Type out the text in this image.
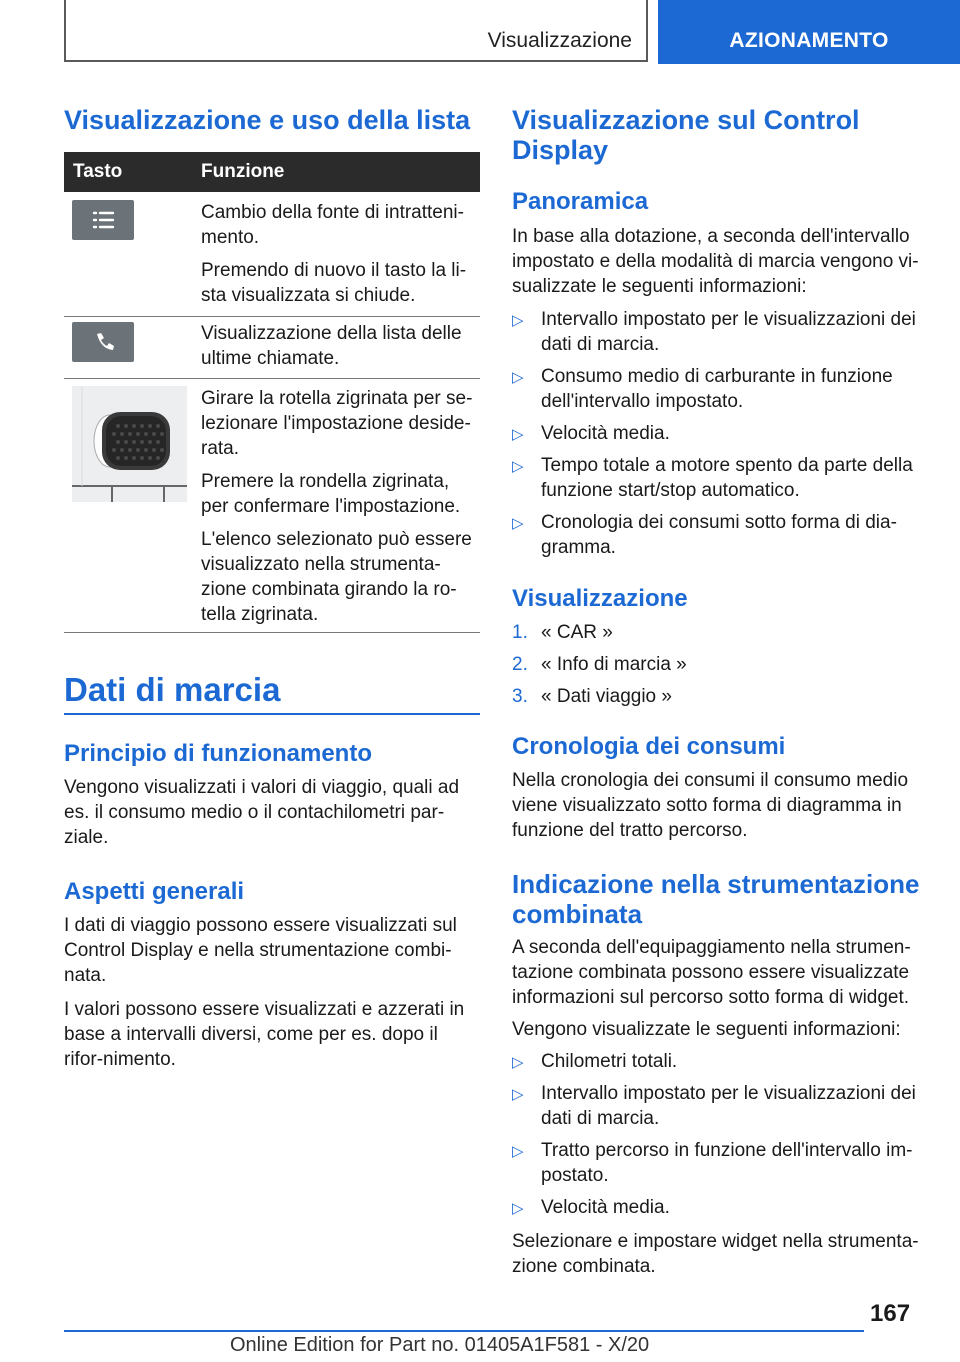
Visualizzazione	AZIONAMENTO
Visualizzazione e uso della lista
Tasto	Funzione

Cambio della fonte di intratteni-mento.

Premendo di nuovo il tasto la li-sta visualizzata si chiude.

Visualizzazione della lista delle ultime chiamate.

Girare la rotella zigrinata per se-lezionare l'impostazione deside-rata.

Premere la rondella zigrinata, per confermare l'impostazione.

L'elenco selezionato può essere visualizzato nella strumenta-zione combinata girando la ro-tella zigrinata.

Dati di marcia
Principio di funzionamento

Vengono visualizzati i valori di viaggio, quali ad es. il consumo medio o il contachilometri par-ziale.

Aspetti generali

I dati di viaggio possono essere visualizzati sul Control Display e nella strumentazione combi-nata.

I valori possono essere visualizzati e azzerati in base a intervalli diversi, come per es. dopo il rifor-nimento.

Visualizzazione sul Control Display
Panoramica

In base alla dotazione, a seconda dell'intervallo impostato e della modalità di marcia vengono vi-sualizzate le seguenti informazioni:

▷ Intervallo impostato per le visualizzazioni dei dati di marcia.
▷ Consumo medio di carburante in funzione dell'intervallo impostato.
▷ Velocità media.
▷ Tempo totale a motore spento da parte della funzione start/stop automatico.
▷ Cronologia dei consumi sotto forma di dia-gramma.
Visualizzazione
1. « CAR »
2. « Info di marcia »
3. « Dati viaggio »
Cronologia dei consumi

Nella cronologia dei consumi il consumo medio viene visualizzato sotto forma di diagramma in funzione del tratto percorso.

Indicazione nella strumentazione combinata

A seconda dell'equipaggiamento nella strumen-tazione combinata possono essere visualizzate informazioni sul percorso sotto forma di widget.

Vengono visualizzate le seguenti informazioni:

▷ Chilometri totali.
▷ Intervallo impostato per le visualizzazioni dei dati di marcia.
▷ Tratto percorso in funzione dell'intervallo im-postato.
▷ Velocità media.

Selezionare e impostare widget nella strumenta-zione combinata.

167
Online Edition for Part no. 01405A1F581 - X/20
